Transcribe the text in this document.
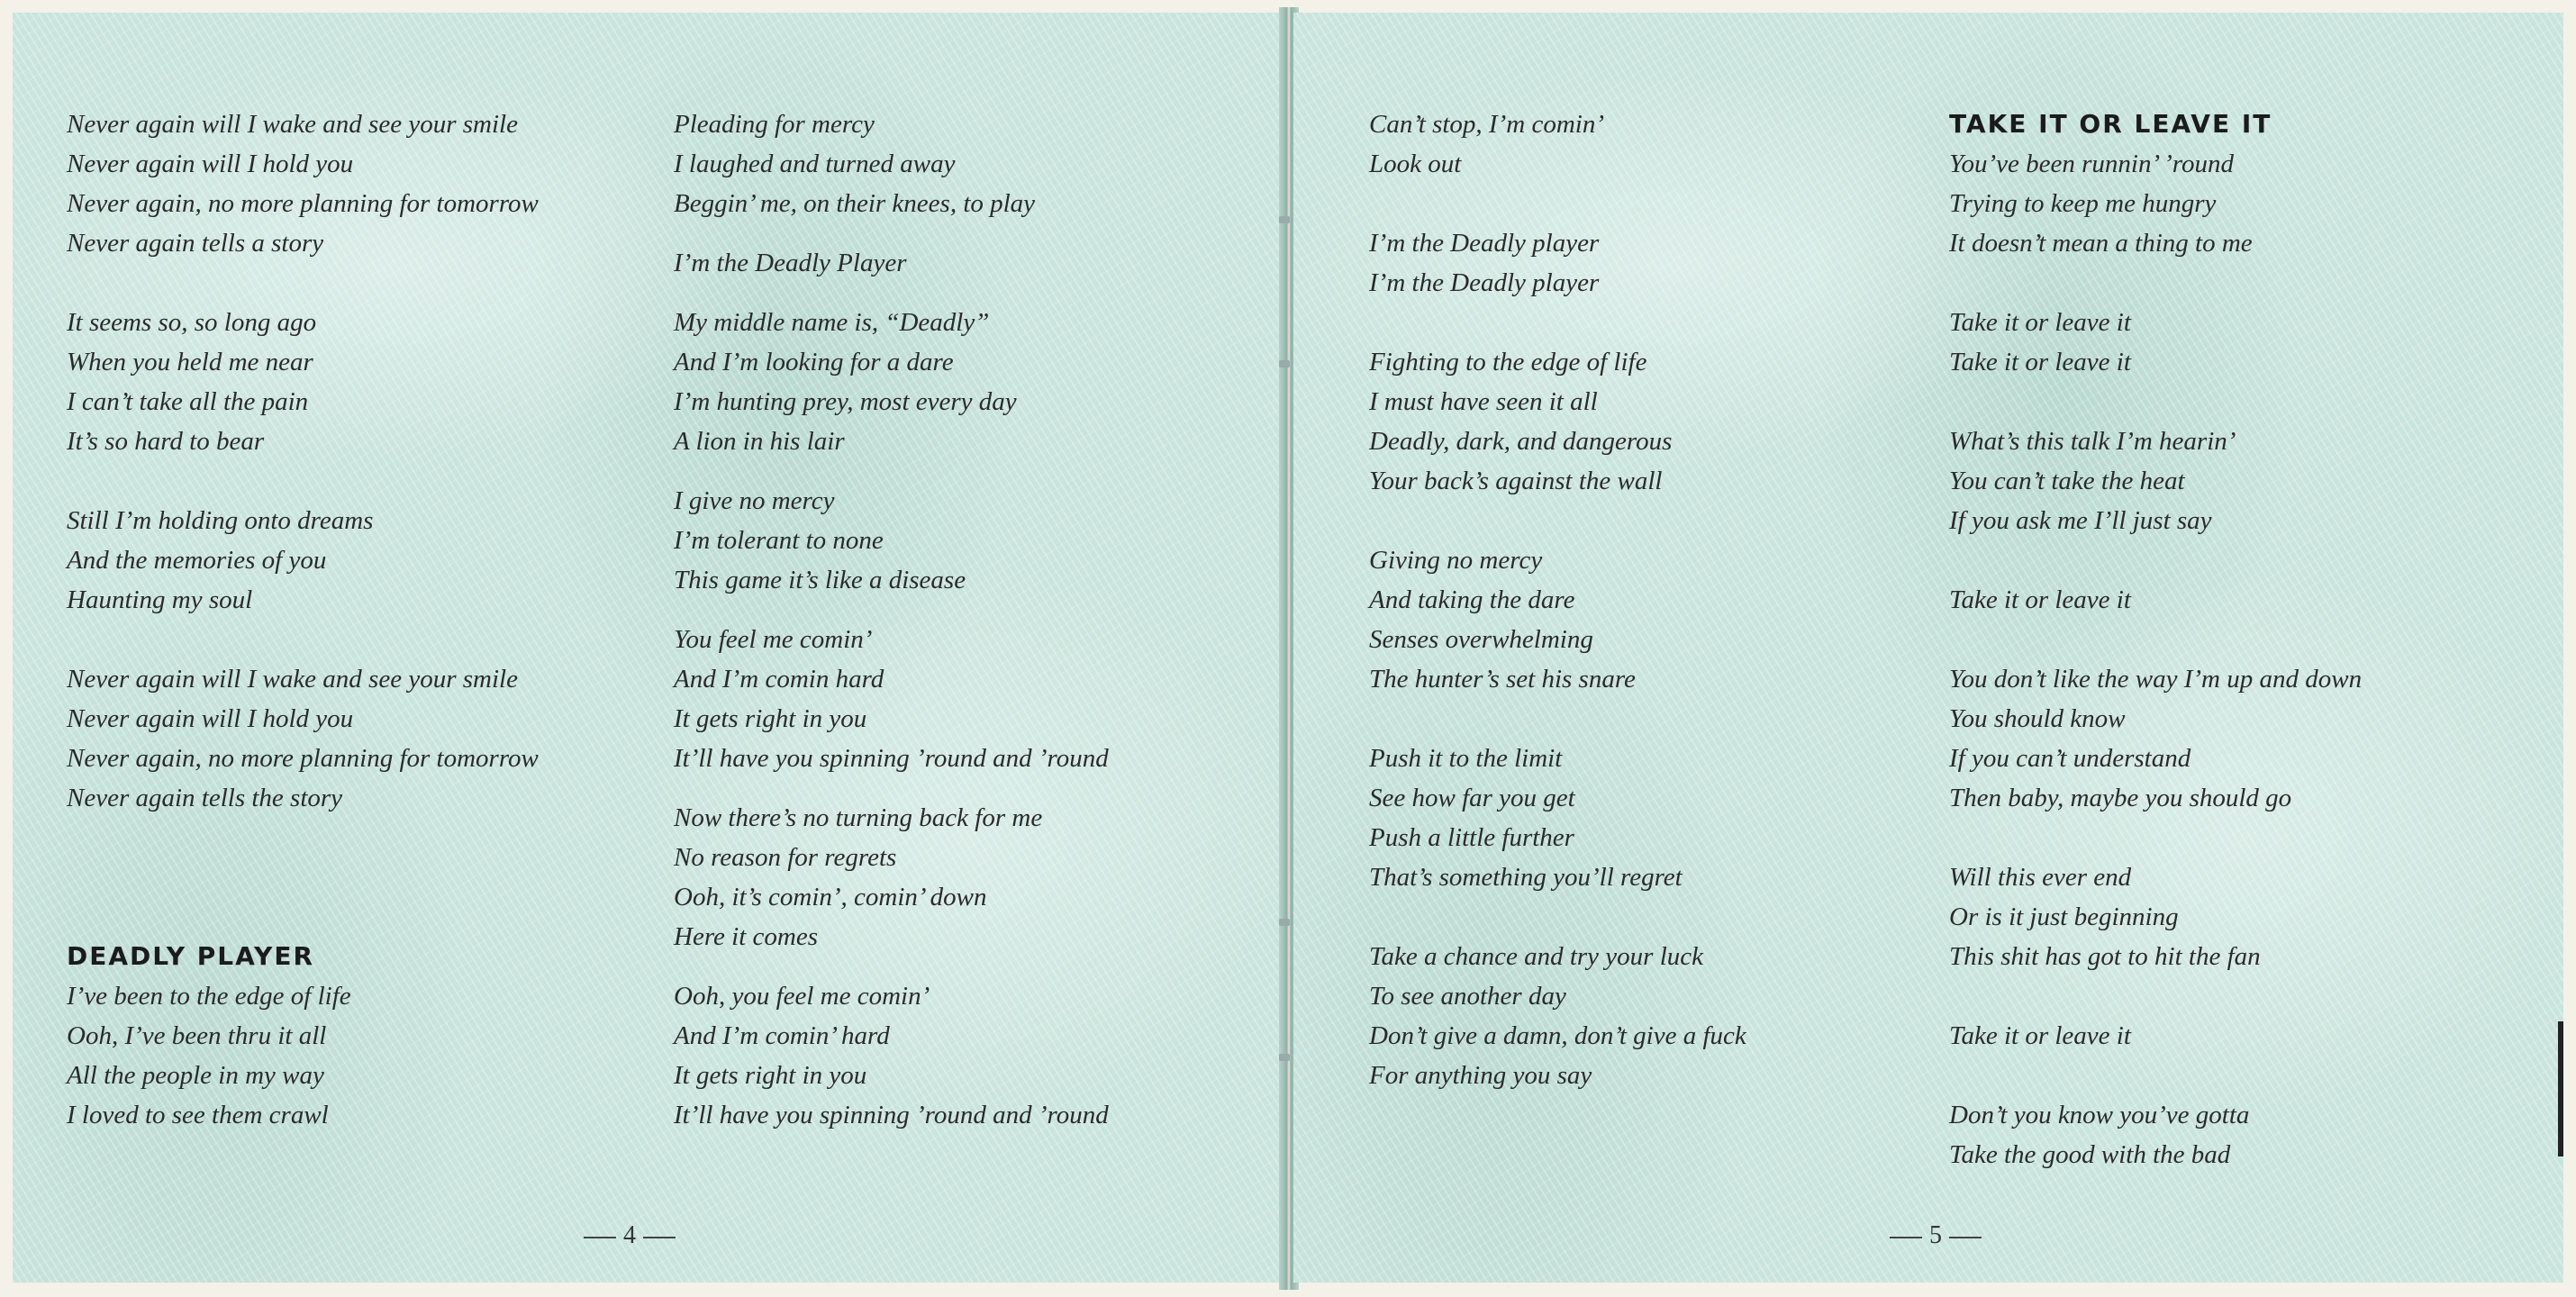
Never again will I wake and see your smile
Never again will I hold you
Never again, no more planning for tomorrow
Never again tells a story
It seems so, so long ago
When you held me near
I can’t take all the pain
It’s so hard to bear
Still I’m holding onto dreams
And the memories of you
Haunting my soul
Never again will I wake and see your smile
Never again will I hold you
Never again, no more planning for tomorrow
Never again tells the story
DEADLY PLAYER
I’ve been to the edge of life
Ooh, I’ve been thru it all
All the people in my way
I loved to see them crawl
Pleading for mercy
I laughed and turned away
Beggin’ me, on their knees, to play
I’m the Deadly Player
My middle name is, “Deadly”
And I’m looking for a dare
I’m hunting prey, most every day
A lion in his lair
I give no mercy
I’m tolerant to none
This game it’s like a disease
You feel me comin’
And I’m comin hard
It gets right in you
It’ll have you spinning ’round and ’round
Now there’s no turning back for me
No reason for regrets
Ooh, it’s comin’, comin’ down
Here it comes
Ooh, you feel me comin’
And I’m comin’ hard
It gets right in you
It’ll have you spinning ’round and ’round
4
Can’t stop, I’m comin’
Look out
I’m the Deadly player
I’m the Deadly player
Fighting to the edge of life
I must have seen it all
Deadly, dark, and dangerous
Your back’s against the wall
Giving no mercy
And taking the dare
Senses overwhelming
The hunter’s set his snare
Push it to the limit
See how far you get
Push a little further
That’s something you’ll regret
Take a chance and try your luck
To see another day
Don’t give a damn, don’t give a fuck
For anything you say
TAKE IT OR LEAVE IT
You’ve been runnin’ ’round
Trying to keep me hungry
It doesn’t mean a thing to me
Take it or leave it
Take it or leave it
What’s this talk I’m hearin’
You can’t take the heat
If you ask me I’ll just say
Take it or leave it
You don’t like the way I’m up and down
You should know
If you can’t understand
Then baby, maybe you should go
Will this ever end
Or is it just beginning
This shit has got to hit the fan
Take it or leave it
Don’t you know you’ve gotta
Take the good with the bad
5
